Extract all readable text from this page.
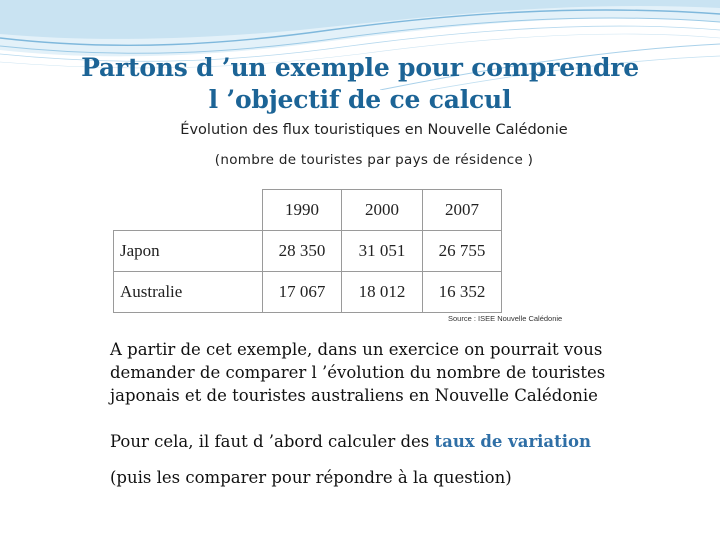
Partons d ’un exemple pour comprendre
l ’objectif de ce calcul
Évolution des flux touristiques en Nouvelle Calédonie
(nombre de touristes par pays de résidence )
	1990	2000	2007
Japon	28 350	31 051	26 755
Australie	17 067	18 012	16 352
Source : ISEE Nouvelle Calédonie
A partir de cet exemple, dans un exercice on pourrait vous demander de comparer l ’évolution du nombre de touristes japonais et de touristes australiens en Nouvelle Calédonie
Pour cela, il faut d ’abord calculer des taux de variation
(puis les comparer pour répondre à la question)
